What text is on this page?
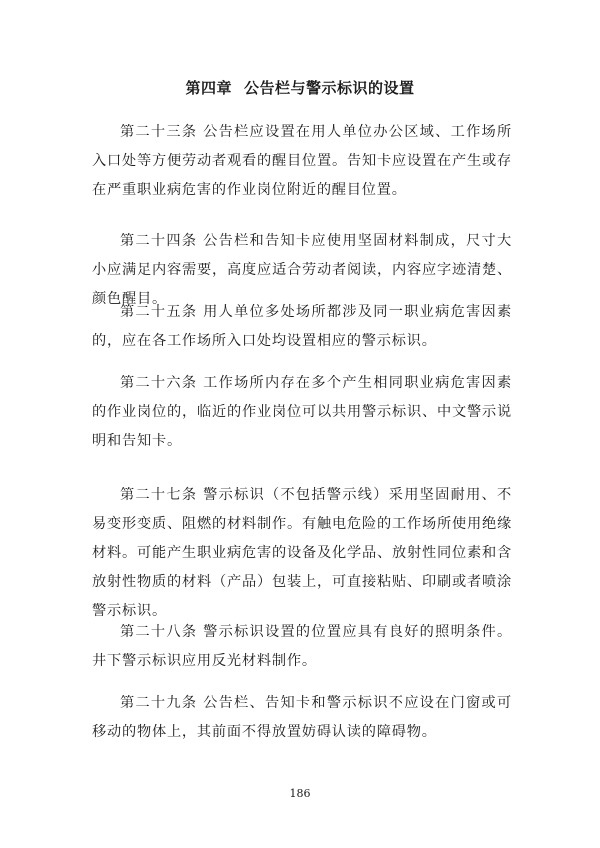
第四章 公告栏与警示标识的设置

第二十三条 公告栏应设置在用人单位办公区域、工作场所入口处等方便劳动者观看的醒目位置。告知卡应设置在产生或存在严重职业病危害的作业岗位附近的醒目位置。

第二十四条 公告栏和告知卡应使用坚固材料制成，尺寸大小应满足内容需要，高度应适合劳动者阅读，内容应字迹清楚、颜色醒目。

第二十五条 用人单位多处场所都涉及同一职业病危害因素的，应在各工作场所入口处均设置相应的警示标识。

第二十六条 工作场所内存在多个产生相同职业病危害因素的作业岗位的，临近的作业岗位可以共用警示标识、中文警示说明和告知卡。

第二十七条 警示标识（不包括警示线）采用坚固耐用、不易变形变质、阻燃的材料制作。有触电危险的工作场所使用绝缘材料。可能产生职业病危害的设备及化学品、放射性同位素和含放射性物质的材料（产品）包装上，可直接粘贴、印刷或者喷涂警示标识。

第二十八条 警示标识设置的位置应具有良好的照明条件。井下警示标识应用反光材料制作。

第二十九条 公告栏、告知卡和警示标识不应设在门窗或可移动的物体上，其前面不得放置妨碍认读的障碍物。

186
